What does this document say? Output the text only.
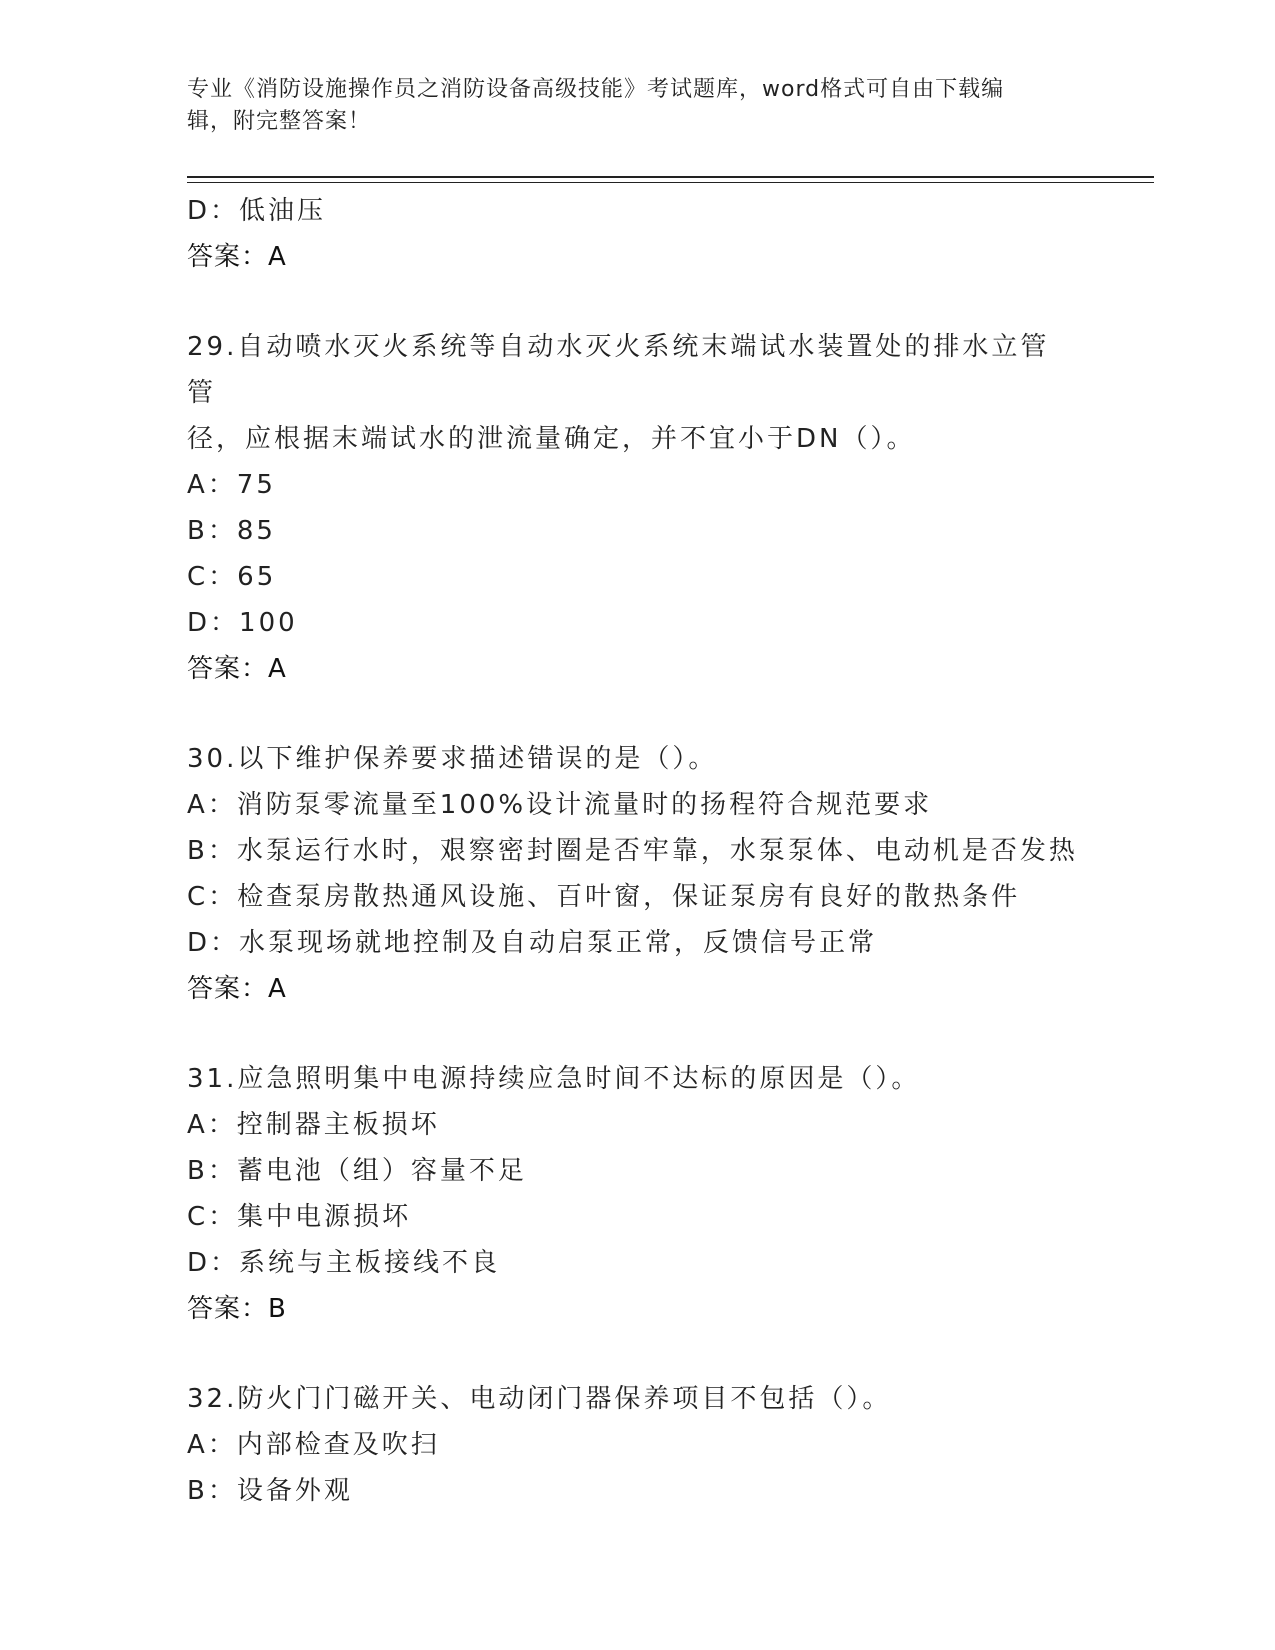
专业《消防设施操作员之消防设备高级技能》考试题库，word格式可自由下载编
辑，附完整答案！
D：低油压
答案：A
29.自动喷水灭火系统等自动水灭火系统末端试水装置处的排水立管管
径，应根据末端试水的泄流量确定，并不宜小于DN（）。
A：75
B：85
C：65
D：100
答案：A
30.以下维护保养要求描述错误的是（）。
A：消防泵零流量至100%设计流量时的扬程符合规范要求
B：水泵运行水时，艰察密封圈是否牢靠，水泵泵体、电动机是否发热
C：检查泵房散热通风设施、百叶窗，保证泵房有良好的散热条件
D：水泵现场就地控制及自动启泵正常，反馈信号正常
答案：A
31.应急照明集中电源持续应急时间不达标的原因是（）。
A：控制器主板损坏
B：蓄电池（组）容量不足
C：集中电源损坏
D：系统与主板接线不良
答案：B
32.防火门门磁开关、电动闭门器保养项目不包括（）。
A：内部检查及吹扫
B：设备外观
